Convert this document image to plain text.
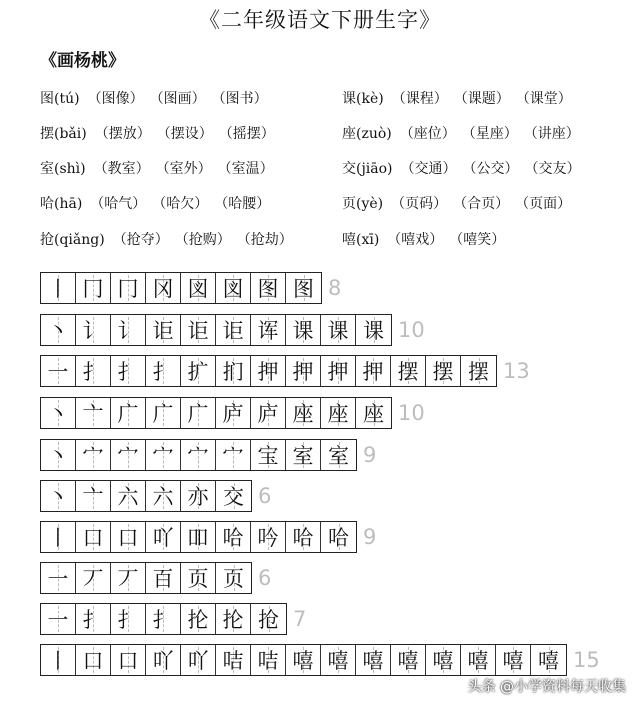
《二年级语文下册生字》
《画杨桃》
图(tú) （图像） （图画） （图书）
摆(bǎi) （摆放） （摆设） （摇摆）
室(shì) （教室） （室外） （室温）
哈(hā) （哈气） （哈欠） （哈腰）
抢(qiǎng) （抢夺） （抢购） （抢劫）
课(kè) （课程） （课题） （课堂）
座(zuò) （座位） （星座） （讲座）
交(jiāo) （交通） （公交） （交友）
页(yè) （页码） （合页） （页面）
嘻(xī) （嘻戏） （嘻笑）
丨 冂 冂 冈 図 図 图 图 8
丶 讠 讠 讵 讵 讵 诨 课 课 课 10
一 扌 扌 扌 扩 扪 押 押 押 押 摆 摆 摆 13
丶 亠 广 广 广 庐 庐 座 座 座 10
丶 宀 宀 宀 宀 宀 宝 室 室 9
丶 亠 六 六 亦 交 6
丨 口 口 吖 吅 哈 吟 哈 哈 9
一 丆 丆 百 页 页 6
一 扌 扌 扌 抡 抡 抢 7
丨 口 口 吖 吖 咭 咭 嘻 嘻 嘻 嘻 嘻 嘻 嘻 嘻 15
头条 @小学资料每天收集
